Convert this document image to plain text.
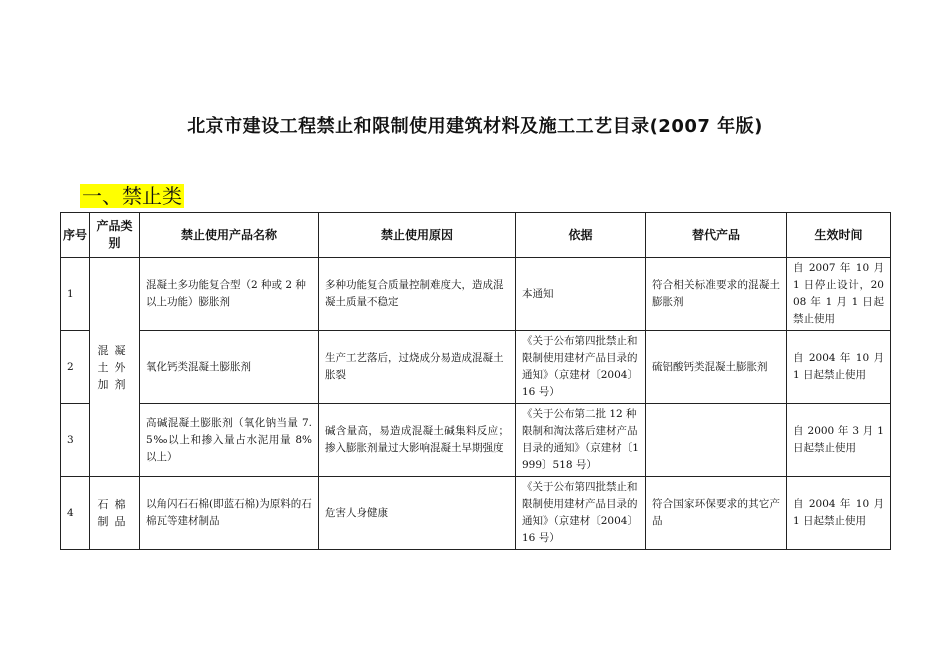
北京市建设工程禁止和限制使用建筑材料及施工工艺目录(2007 年版)
一、禁止类
序号	产品类别	禁止使用产品名称	禁止使用原因	依据	替代产品	生效时间
1	混凝土外加剂	混凝土多功能复合型（2 种或 2 种以上功能）膨胀剂	多种功能复合质量控制难度大，造成混凝土质量不稳定	本通知	符合相关标准要求的混凝土膨胀剂	自 2007 年 10 月 1 日停止设计，2008 年 1 月 1 日起禁止使用
2		氧化钙类混凝土膨胀剂	生产工艺落后，过烧成分易造成混凝土胀裂	《关于公布第四批禁止和限制使用建材产品目录的通知》（京建材〔2004〕16 号）	硫铝酸钙类混凝土膨胀剂	自 2004 年 10 月 1 日起禁止使用
3		高碱混凝土膨胀剂（氧化钠当量 7.5‰以上和掺入量占水泥用量 8%以上）	碱含量高，易造成混凝土碱集料反应；掺入膨胀剂量过大影响混凝土早期强度	《关于公布第二批 12 种限制和淘汰落后建材产品目录的通知》（京建材〔1999〕518 号）		自 2000 年 3 月 1 日起禁止使用
4	石棉制品	以角闪石石棉(即蓝石棉)为原料的石棉瓦等建材制品	危害人身健康	《关于公布第四批禁止和限制使用建材产品目录的通知》（京建材〔2004〕16 号）	符合国家环保要求的其它产品	自 2004 年 10 月 1 日起禁止使用
